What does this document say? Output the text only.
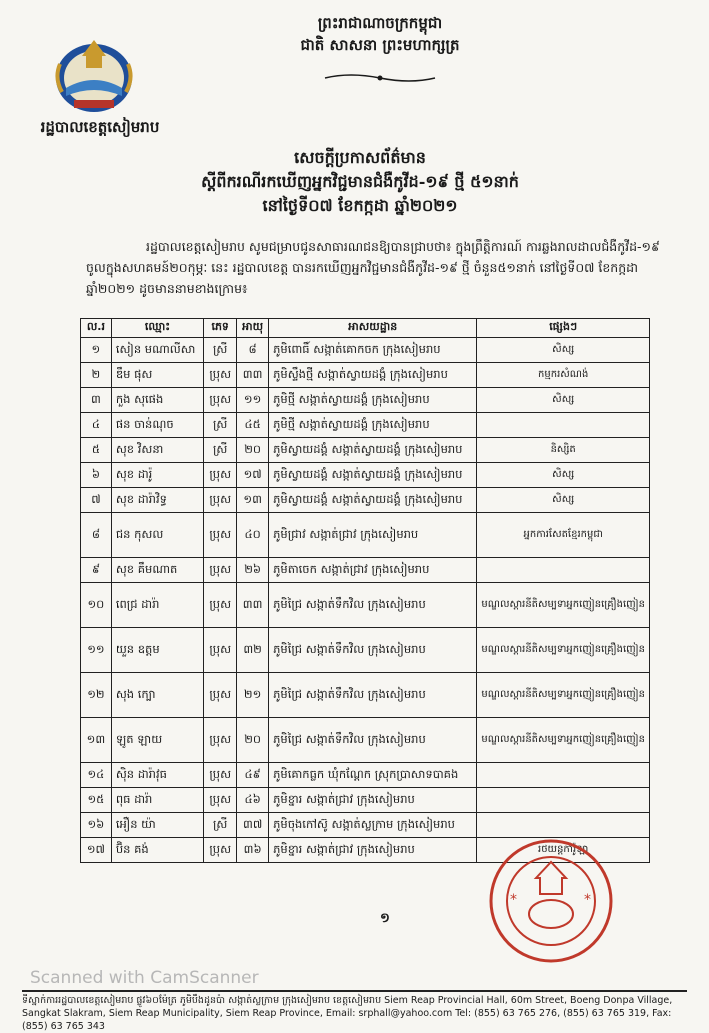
រដ្ឋបាលខេត្តសៀមរាប
ព្រះរាជាណាចក្រកម្ពុជា
ជាតិ សាសនា ព្រះមហាក្សត្រ
សេចក្តីប្រកាសព័ត៌មាន
ស្តីពីករណីរកឃើញអ្នកវិជ្ជមានជំងឺកូវីដ-១៩ ថ្មី ៥១នាក់
នៅថ្ងៃទី០៧ ខែកក្កដា ឆ្នាំ២០២១
រដ្ឋបាលខេត្តសៀមរាប សូមជម្រាបជូនសាធារណជនឱ្យបានជ្រាបថា៖ ក្នុងព្រឹត្តិការណ៍ ការឆ្លងរាលដាលជំងឺកូវីដ-១៩ ចូលក្នុងសហគមន៍២០កុម្ភៈ នេះ រដ្ឋបាលខេត្ត បានរកឃើញអ្នកវិជ្ជមានជំងឺកូវីដ-១៩ ថ្មី ចំនួន៥១នាក់ នៅថ្ងៃទី០៧ ខែកក្កដា ឆ្នាំ២០២១ ដូចមាននាមខាងក្រោម៖
ល.រ	ឈ្មោះ	ភេទ	អាយុ	អាសយដ្ឋាន	ផ្សេងៗ
១	សៀន មណាលីសា	ស្រី	៨	ភូមិពោធិ៍ សង្កាត់គោកចក ក្រុងសៀមរាប	សិស្ស
២	ឌឹម ផុស	ប្រុស	៣៣	ភូមិស្ទឹងថ្មី សង្កាត់ស្វាយដង្គំ ក្រុងសៀមរាប	កម្មករសំណង់
៣	កួង សុផេង	ប្រុស	១១	ភូមិថ្មី សង្កាត់ស្វាយដង្គំ ក្រុងសៀមរាប	សិស្ស
៤	ផន ចាន់ណុច	ស្រី	៤៥	ភូមិថ្មី សង្កាត់ស្វាយដង្គំ ក្រុងសៀមរាប	
៥	សុខ វិសនា	ស្រី	២០	ភូមិស្វាយដង្គំ សង្កាត់ស្វាយដង្គំ ក្រុងសៀមរាប	និស្សិត
៦	សុខ ដារ៉ូ	ប្រុស	១៧	ភូមិស្វាយដង្គំ សង្កាត់ស្វាយដង្គំ ក្រុងសៀមរាប	សិស្ស
៧	សុខ ដារ៉ាវិទ្ធ	ប្រុស	១៣	ភូមិស្វាយដង្គំ សង្កាត់ស្វាយដង្គំ ក្រុងសៀមរាប	សិស្ស
៨	ជន កុសល	ប្រុស	៤០	ភូមិជ្រាវ សង្កាត់ជ្រាវ ក្រុងសៀមរាប	អ្នកការសែតខ្មែរកម្ពុជា
៩	សុខ គឹមណាត	ប្រុស	២៦	ភូមិតាចេក សង្កាត់ជ្រាវ ក្រុងសៀមរាប	
១០	ពេជ្រ ដារ៉ា	ប្រុស	៣៣	ភូមិជ្រៃ សង្កាត់ទឹកវិល ក្រុងសៀមរាប	មណ្ឌលស្តារនីតិសម្បទាអ្នកញៀនគ្រឿងញៀន
១១	យួន ឧត្តម	ប្រុស	៣២	ភូមិជ្រៃ សង្កាត់ទឹកវិល ក្រុងសៀមរាប	មណ្ឌលស្តារនីតិសម្បទាអ្នកញៀនគ្រឿងញៀន
១២	សុង ក្បោ	ប្រុស	២១	ភូមិជ្រៃ សង្កាត់ទឹកវិល ក្រុងសៀមរាប	មណ្ឌលស្តារនីតិសម្បទាអ្នកញៀនគ្រឿងញៀន
១៣	ឡូត ឡាយ	ប្រុស	២០	ភូមិជ្រៃ សង្កាត់ទឹកវិល ក្រុងសៀមរាប	មណ្ឌលស្តារនីតិសម្បទាអ្នកញៀនគ្រឿងញៀន
១៤	ស៊ិន ដារ៉ាវុធ	ប្រុស	៤៩	ភូមិគោកធ្លក ឃុំកណ្តែក ស្រុកប្រាសាទបាគង	
១៥	ពុធ ដារ៉ា	ប្រុស	៤៦	ភូមិខ្នារ សង្កាត់ជ្រាវ ក្រុងសៀមរាប	
១៦	អឿន យ៉ា	ស្រី	៣៧	ភូមិចុងកៅស៊ូ សង្កាត់ស្លក្រាម ក្រុងសៀមរាប	
១៧	ប៊ិន គង់	ប្រុស	៣៦	ភូមិខ្នារ សង្កាត់ជ្រាវ ក្រុងសៀមរាប	រថយន្តកាំរ៉ូឡា
១
*	*
Scanned with CamScanner
ទីស្នាក់ការរដ្ឋបាលខេត្តសៀមរាប ផ្លូវ៦០ម៉ែត្រ ភូមិបឹងដូនប៉ា សង្កាត់ស្លក្រាម ក្រុងសៀមរាប ខេត្តសៀមរាប Siem Reap Provincial Hall, 60m Street, Boeng Donpa Village, Sangkat Slakram, Siem Reap Municipality, Siem Reap Province, Email: srphall@yahoo.com Tel: (855) 63 765 276, (855) 63 765 319, Fax: (855) 63 765 343
